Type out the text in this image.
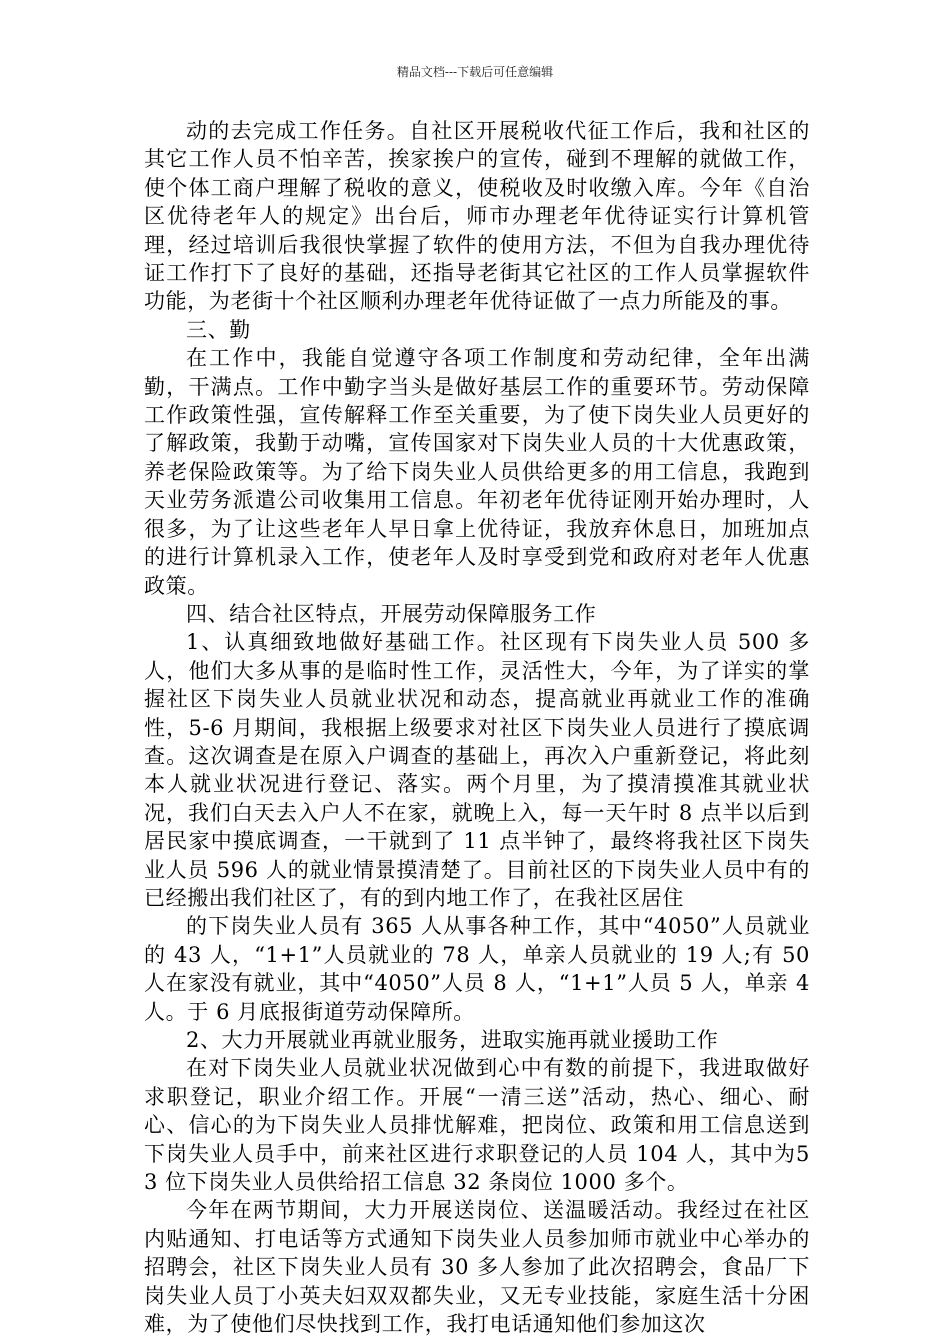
精品文档---下载后可任意编辑

动的去完成工作任务。自社区开展税收代征工作后，我和社区的其它工作人员不怕辛苦，挨家挨户的宣传，碰到不理解的就做工作，使个体工商户理解了税收的意义，使税收及时收缴入库。今年《自治区优待老年人的规定》出台后，师市办理老年优待证实行计算机管理，经过培训后我很快掌握了软件的使用方法，不但为自我办理优待证工作打下了良好的基础，还指导老街其它社区的工作人员掌握软件功能，为老街十个社区顺利办理老年优待证做了一点力所能及的事。

三、勤

在工作中，我能自觉遵守各项工作制度和劳动纪律，全年出满勤，干满点。工作中勤字当头是做好基层工作的重要环节。劳动保障工作政策性强，宣传解释工作至关重要，为了使下岗失业人员更好的了解政策，我勤于动嘴，宣传国家对下岗失业人员的十大优惠政策，养老保险政策等。为了给下岗失业人员供给更多的用工信息，我跑到天业劳务派遣公司收集用工信息。年初老年优待证刚开始办理时，人很多，为了让这些老年人早日拿上优待证，我放弃休息日，加班加点的进行计算机录入工作，使老年人及时享受到党和政府对老年人优惠政策。

四、结合社区特点，开展劳动保障服务工作

1、认真细致地做好基础工作。社区现有下岗失业人员 500 多人，他们大多从事的是临时性工作，灵活性大，今年，为了详实的掌握社区下岗失业人员就业状况和动态，提高就业再就业工作的准确性，5-6 月期间，我根据上级要求对社区下岗失业人员进行了摸底调查。这次调查是在原入户调查的基础上，再次入户重新登记，将此刻本人就业状况进行登记、落实。两个月里，为了摸清摸准其就业状况，我们白天去入户人不在家，就晚上入，每一天午时 8 点半以后到居民家中摸底调查，一干就到了 11 点半钟了，最终将我社区下岗失业人员 596 人的就业情景摸清楚了。目前社区的下岗失业人员中有的已经搬出我们社区了，有的到内地工作了，在我社区居住

的下岗失业人员有 365 人从事各种工作，其中“4050”人员就业的 43 人，“1+1”人员就业的 78 人，单亲人员就业的 19 人;有 50 人在家没有就业，其中“4050”人员 8 人，“1+1”人员 5 人，单亲 4 人。于 6 月底报街道劳动保障所。

2、大力开展就业再就业服务，进取实施再就业援助工作

在对下岗失业人员就业状况做到心中有数的前提下，我进取做好求职登记，职业介绍工作。开展“一清三送”活动，热心、细心、耐心、信心的为下岗失业人员排忧解难，把岗位、政策和用工信息送到下岗失业人员手中，前来社区进行求职登记的人员 104 人，其中为53 位下岗失业人员供给招工信息 32 条岗位 1000 多个。

今年在两节期间，大力开展送岗位、送温暖活动。我经过在社区内贴通知、打电话等方式通知下岗失业人员参加师市就业中心举办的招聘会，社区下岗失业人员有 30 多人参加了此次招聘会，食品厂下岗失业人员丁小英夫妇双双都失业，又无专业技能，家庭生活十分困难，为了使他们尽快找到工作，我打电话通知他们参加这次
